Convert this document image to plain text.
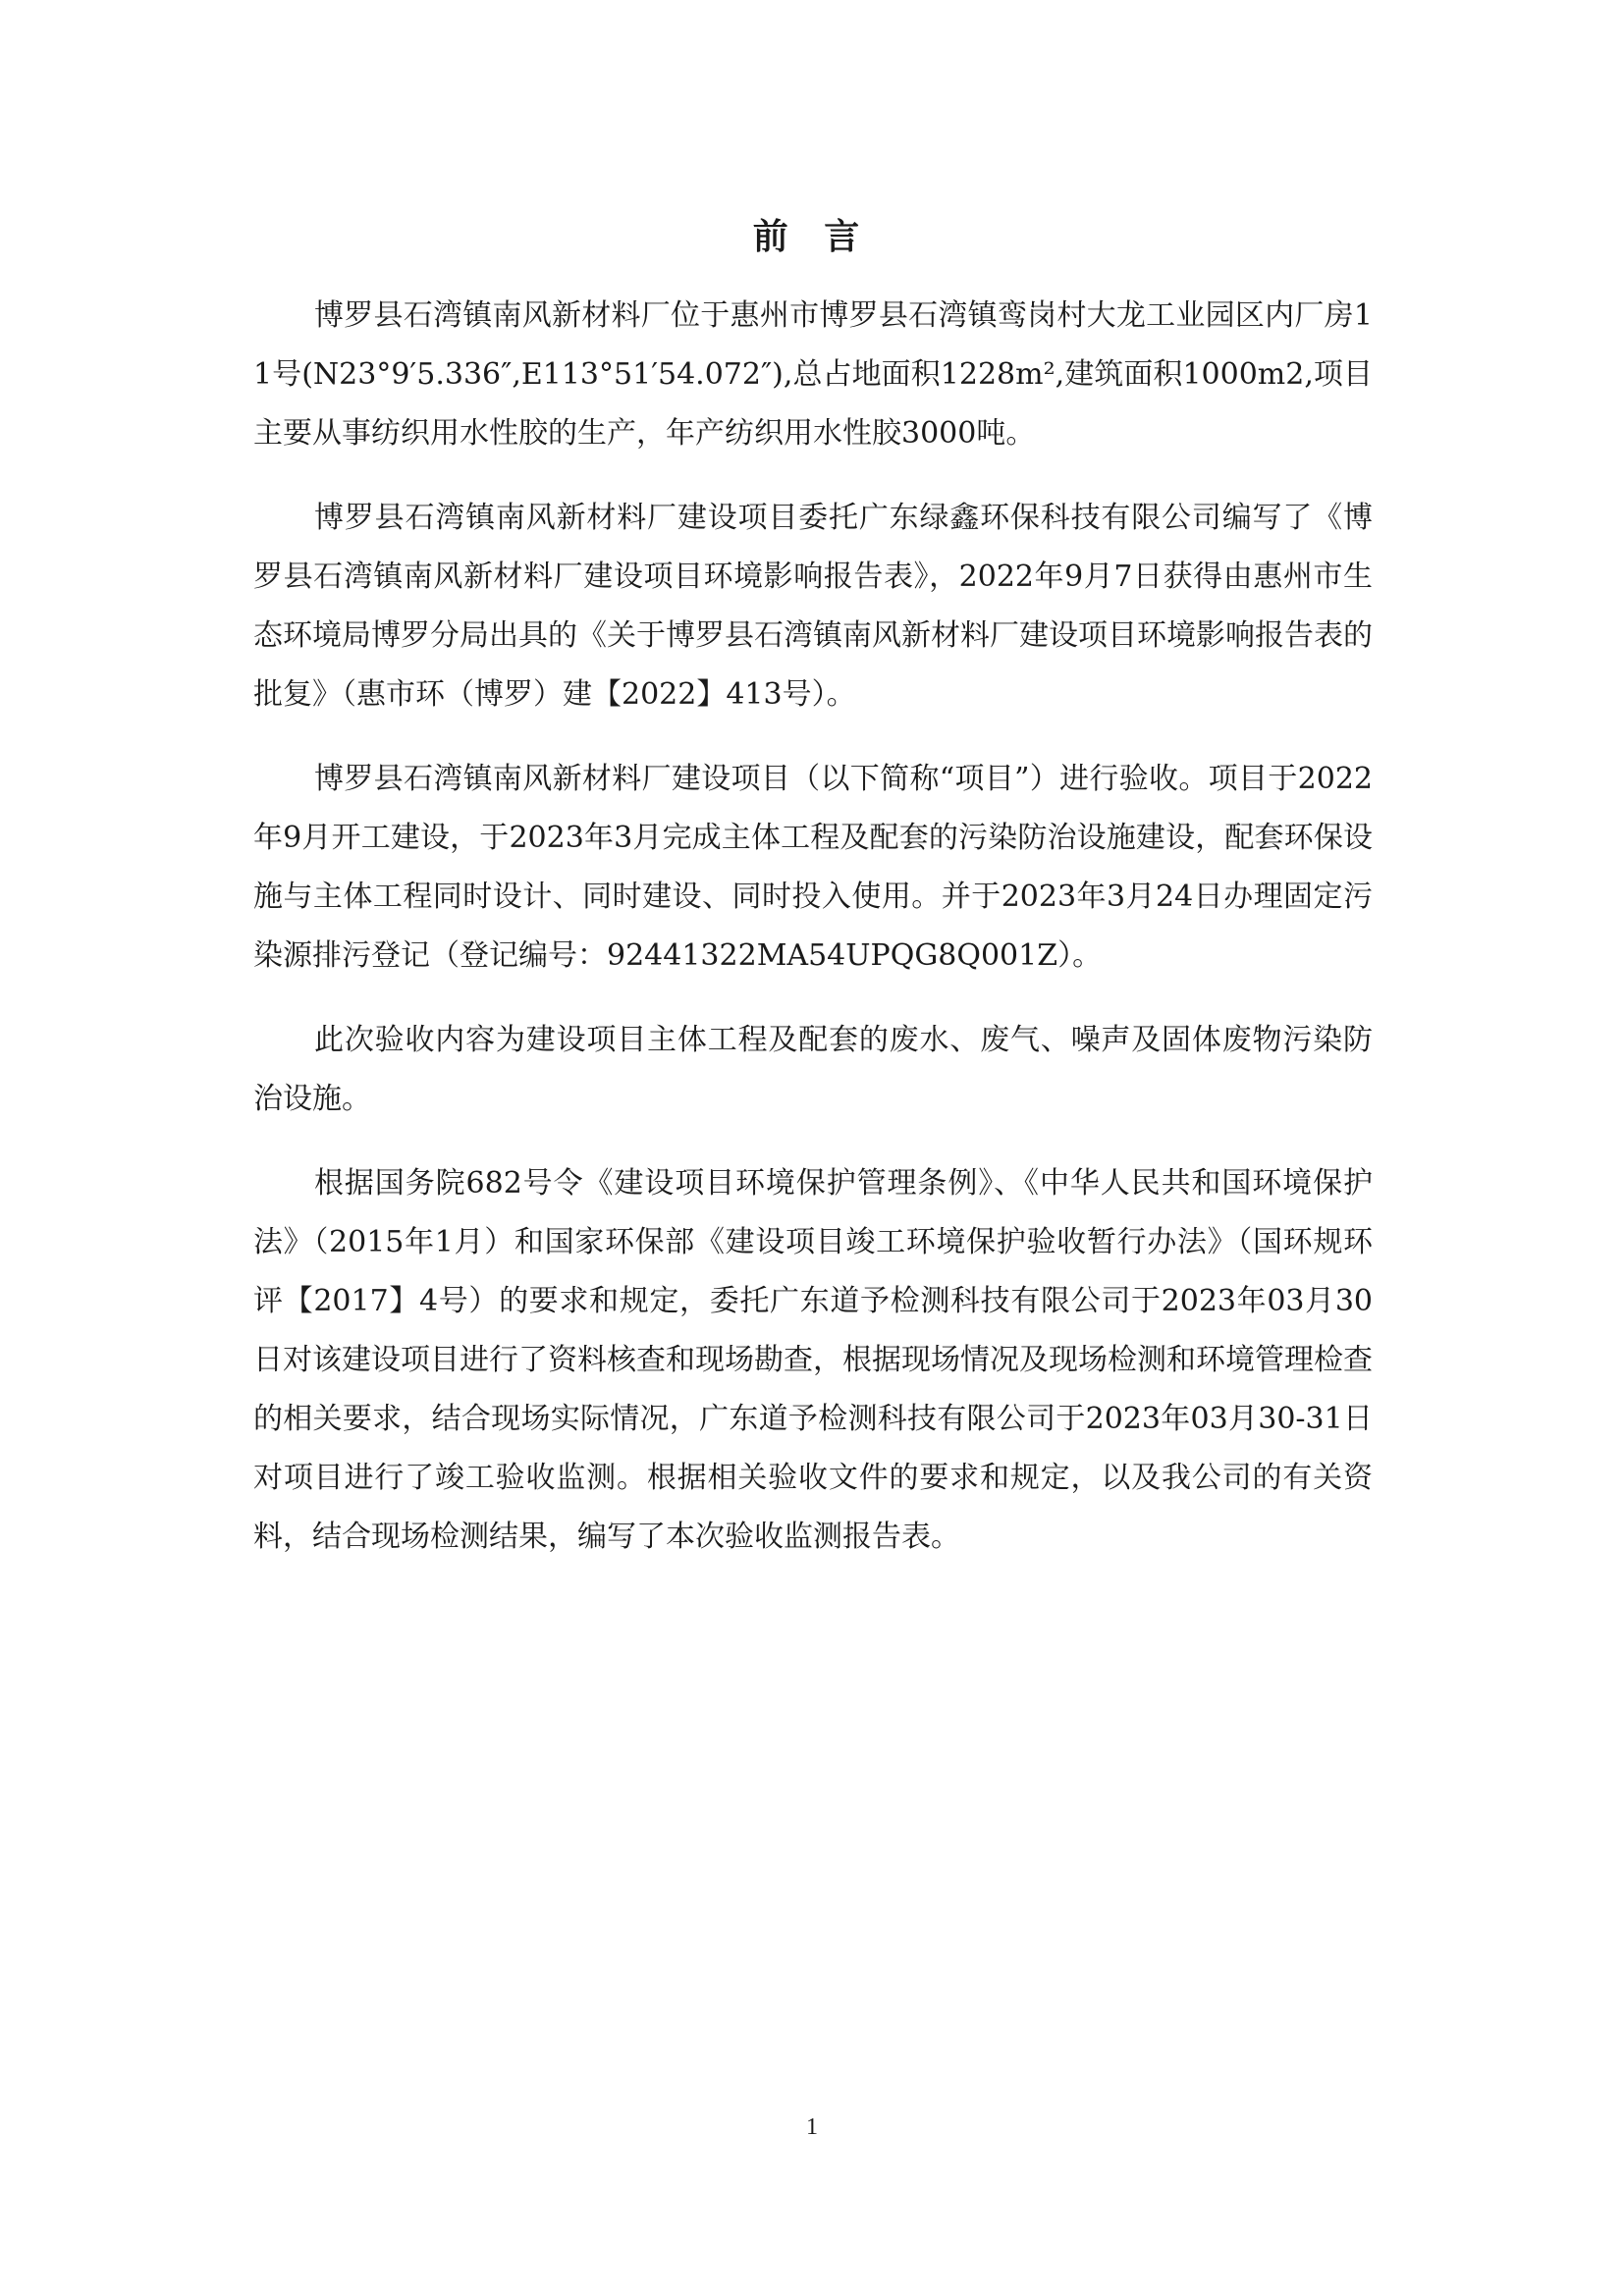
前 言

博罗县石湾镇南风新材料厂位于惠州市博罗县石湾镇鸾岗村大龙工业园区内厂房11号(N23°9′5.336″,E113°51′54.072″),总占地面积1228m²,建筑面积1000m2,项目主要从事纺织用水性胶的生产，年产纺织用水性胶3000吨。

博罗县石湾镇南风新材料厂建设项目委托广东绿鑫环保科技有限公司编写了《博罗县石湾镇南风新材料厂建设项目环境影响报告表》，2022年9月7日获得由惠州市生态环境局博罗分局出具的《关于博罗县石湾镇南风新材料厂建设项目环境影响报告表的批复》（惠市环（博罗）建【2022】413号）。

博罗县石湾镇南风新材料厂建设项目（以下简称“项目”）进行验收。项目于2022年9月开工建设，于2023年3月完成主体工程及配套的污染防治设施建设，配套环保设施与主体工程同时设计、同时建设、同时投入使用。并于2023年3月24日办理固定污染源排污登记（登记编号：92441322MA54UPQG8Q001Z）。

此次验收内容为建设项目主体工程及配套的废水、废气、噪声及固体废物污染防治设施。

根据国务院682号令《建设项目环境保护管理条例》、《中华人民共和国环境保护法》（2015年1月）和国家环保部《建设项目竣工环境保护验收暂行办法》（国环规环评【2017】4号）的要求和规定，委托广东道予检测科技有限公司于2023年03月30日对该建设项目进行了资料核查和现场勘查，根据现场情况及现场检测和环境管理检查的相关要求，结合现场实际情况，广东道予检测科技有限公司于2023年03月30-31日对项目进行了竣工验收监测。根据相关验收文件的要求和规定，以及我公司的有关资料，结合现场检测结果，编写了本次验收监测报告表。

1
